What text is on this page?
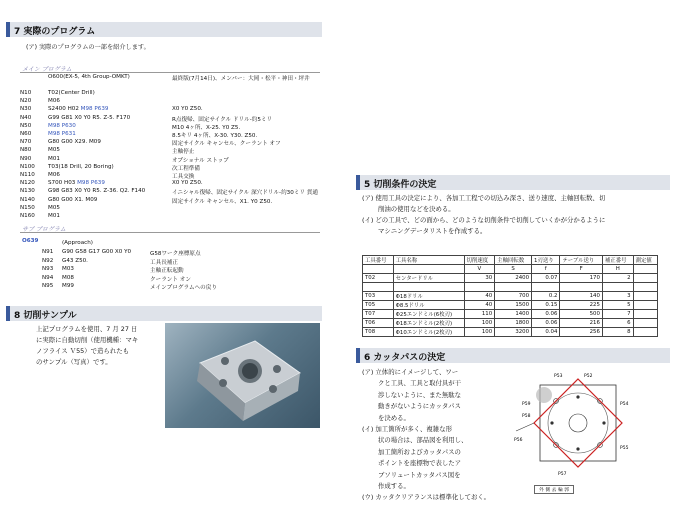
7 実際のプログラム
(ア) 実際のプログラムの一部を紹介します。
メイン プログラム
O600(EX-5, 4th Group-OMKT)	最終版(7月14日)、メンバー：大岡・松平・神田・坪井
N10	T02(Center Drill)
N20	M06
N30	S2400 H02 M98 P639	X0 Y0 Z50.
N40	G99 G81 X0 Y0 R5. Z-5. F170	R点復帰、固定サイクル ドリル-約5ミリ
N50	M98 P630	M10 4ヶ所、X-25. Y0 Z5.
N60	M98 P631	8.5キリ 4ヶ所、X-30. Y30. Z50.
N70	G80 G00 X29. M09	固定サイクル キャンセル、クーラント オフ
N80	M05	主軸停止
N90	M01	オプショナル ストップ
N100 T03(18 Drill, 20 Boring)	次工程準備
N110 M06	工具交換
N120 S700 H03 M98 P639	X0 Y0 Z50.
N130 G98 G83 X0 Y0 R5. Z-36. Q2. F140	イニシャル復帰、固定サイクル 深穴ドリル-約30ミリ 貫通
N140 G80 G00 X1. M09	固定サイクル キャンセル、X1. Y0 Z50.
N150 M05
N160 M01
サブ プログラム
O639	(Approach)
N91 G90 G58 G17 G00 X0 Y0	G58ワーク座標原点
N92 G43 Z50.	工具長補正
N93 M03	主軸正転起動
N94 M08	クーラント オン
N95 M99	メインプログラムへの戻り
8 切削サンプル
上記プログラムを使用、7 月 27 日
に実際に自動切削（使用機種：マキ
ノフライス Ｖ55）で造られたも
のサンプル（写真）です。
5 切削条件の決定
(ア) 使用工具の決定により、各加工工程での切込み深さ、送り速度、主軸回転数、切
削油の使用などを決める。
(イ) どの工具で、どの面から、どのような切削条件で切削していくかが分かるように
マシニングデータリストを作成する。
工具番号	工具名称	切削速度	主軸回転数	1刃送り	テーブル送り	補正番号	測定値
		V	S	f	F	H	
T02	センタードリル	30	2400	0.07	170	2	

T03	Φ18ドリル	40	700	0.2	140	3	
T05	Φ8.5ドリル	40	1500	0.15	225	5	
T07	Φ25エンドミル(6枚刃)	110	1400	0.06	500	7	
T06	Φ18エンドミル(2枚刃)	100	1800	0.06	216	6	
T08	Φ10エンドミル(2枚刃)	100	3200	0.04	256	8	
6 カッタパスの決定
(ア) 立体的にイメージして、ワー
クと工具、工具と取付具が干
渉しないように、また無駄な
動きがないようにカッタパス
を決める。
(イ) 加工箇所が多く、複雑な形
状の場合は、部品図を利用し、
加工箇所およびカッタパスの
ポイントを座標物で表したア
ブソリュートカッタパス図を
作成する。
(ウ) カッタクリアランスは標準化しておく。
P53	P52
P54
P55
P59
P58
P56
P57
外 側 去 輪 郭
